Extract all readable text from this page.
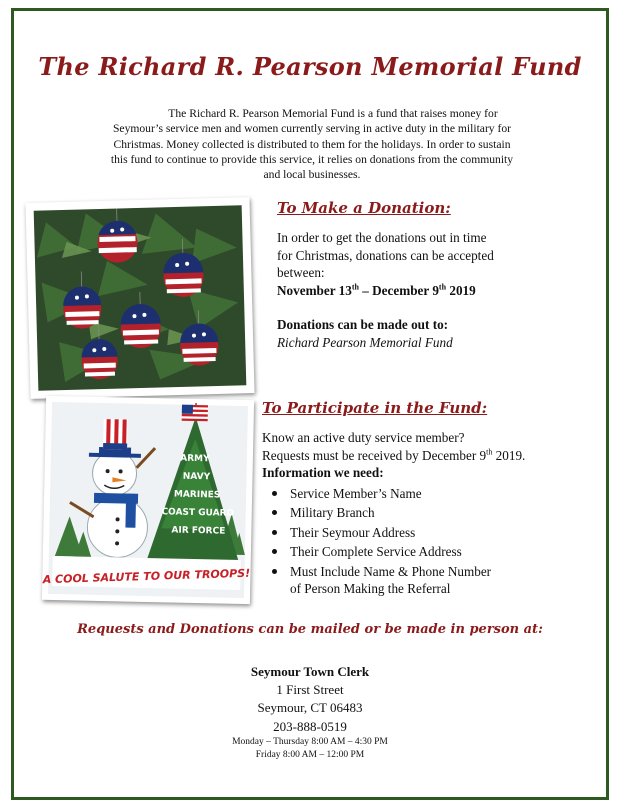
The Richard R. Pearson Memorial Fund
The Richard R. Pearson Memorial Fund is a fund that raises money for
Seymour’s service men and women currently serving in active duty in the military for
Christmas. Money collected is distributed to them for the holidays. In order to sustain
this fund to continue to provide this service, it relies on donations from the community
and local businesses.
To Make a Donation:
In order to get the donations out in time
for Christmas, donations can be accepted
between:
November 13th – December 9th 2019
Donations can be made out to:
Richard Pearson Memorial Fund
ARMY
NAVY
MARINES
COAST GUARD
AIR FORCE
A COOL SALUTE TO OUR TROOPS!
To Participate in the Fund:
Know an active duty service member?
Requests must be received by December 9th 2019.
Information we need:
Service Member’s Name
Military Branch
Their Seymour Address
Their Complete Service Address
Must Include Name & Phone Number
of Person Making the Referral
Requests and Donations can be mailed or be made in person at:
Seymour Town Clerk
1 First Street
Seymour, CT 06483
203-888-0519
Monday – Thursday 8:00 AM – 4:30 PM
Friday 8:00 AM – 12:00 PM
